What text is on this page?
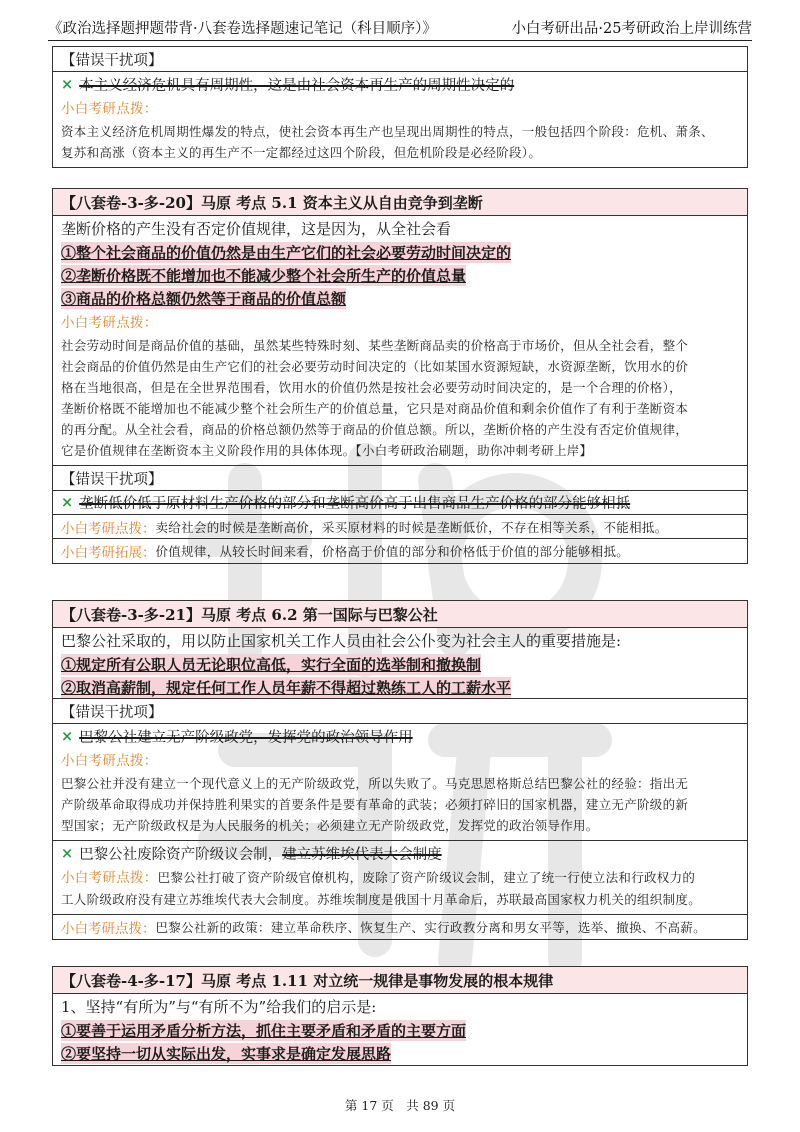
《政治选择题押题带背·八套卷选择题速记笔记（科目顺序）》	小白考研出品·25考研政治上岸训练营
【错误干扰项】
× 本主义经济危机具有周期性，这是由社会资本再生产的周期性决定的
小白考研点拨：

资本主义经济危机周期性爆发的特点，使社会资本再生产也呈现出周期性的特点，一般包括四个阶段：危机、萧条、

复苏和高涨（资本主义的再生产不一定都经过这四个阶段，但危机阶段是必经阶段）。

【八套卷-3-多-20】马原 考点 5.1 资本主义从自由竞争到垄断
垄断价格的产生没有否定价值规律，这是因为，从全社会看
①整个社会商品的价值仍然是由生产它们的社会必要劳动时间决定的
②垄断价格既不能增加也不能减少整个社会所生产的价值总量
③商品的价格总额仍然等于商品的价值总额
小白考研点拨：

社会劳动时间是商品价值的基础，虽然某些特殊时刻、某些垄断商品卖的价格高于市场价，但从全社会看，整个

社会商品的价值仍然是由生产它们的社会必要劳动时间决定的（比如某国水资源短缺，水资源垄断，饮用水的价

格在当地很高，但是在全世界范围看，饮用水的价值仍然是按社会必要劳动时间决定的，是一个合理的价格），

垄断价格既不能增加也不能减少整个社会所生产的价值总量，它只是对商品价值和剩余价值作了有利于垄断资本

的再分配。从全社会看，商品的价格总额仍然等于商品的价值总额。所以，垄断价格的产生没有否定价值规律，

它是价值规律在垄断资本主义阶段作用的具体体现。【小白考研政治刷题，助你冲刺考研上岸】

【错误干扰项】
× 垄断低价低于原材料生产价格的部分和垄断高价高于出售商品生产价格的部分能够相抵
小白考研点拨： 卖给社会的时候是垄断高价，采买原材料的时候是垄断低价，不存在相等关系，不能相抵。
小白考研拓展： 价值规律，从较长时间来看，价格高于价值的部分和价格低于价值的部分能够相抵。
【八套卷-3-多-21】马原 考点 6.2 第一国际与巴黎公社
巴黎公社采取的，用以防止国家机关工作人员由社会公仆变为社会主人的重要措施是:
①规定所有公职人员无论职位高低，实行全面的选举制和撤换制
②取消高薪制，规定任何工作人员年薪不得超过熟练工人的工薪水平
【错误干扰项】
× 巴黎公社建立无产阶级政党，发挥党的政治领导作用
小白考研点拨：

巴黎公社并没有建立一个现代意义上的无产阶级政党，所以失败了。马克思恩格斯总结巴黎公社的经验：指出无

产阶级革命取得成功并保持胜利果实的首要条件是要有革命的武装；必须打碎旧的国家机器，建立无产阶级的新

型国家；无产阶级政权是为人民服务的机关；必须建立无产阶级政党，发挥党的政治领导作用。

× 巴黎公社废除资产阶级议会制， 建立苏维埃代表大会制度

小白考研点拨：巴黎公社打破了资产阶级官僚机构，废除了资产阶级议会制，建立了统一行使立法和行政权力的

工人阶级政府没有建立苏维埃代表大会制度。苏维埃制度是俄国十月革命后，苏联最高国家权力机关的组织制度。

小白考研点拨： 巴黎公社新的政策：建立革命秩序、恢复生产、实行政教分离和男女平等，选举、撤换、不高薪。
【八套卷-4-多-17】马原 考点 1.11 对立统一规律是事物发展的根本规律
1、坚持“有所为”与“有所不为”给我们的启示是:
①要善于运用矛盾分析方法，抓住主要矛盾和矛盾的主要方面
②要坚持一切从实际出发，实事求是确定发展思路
第 17 页　共 89 页
